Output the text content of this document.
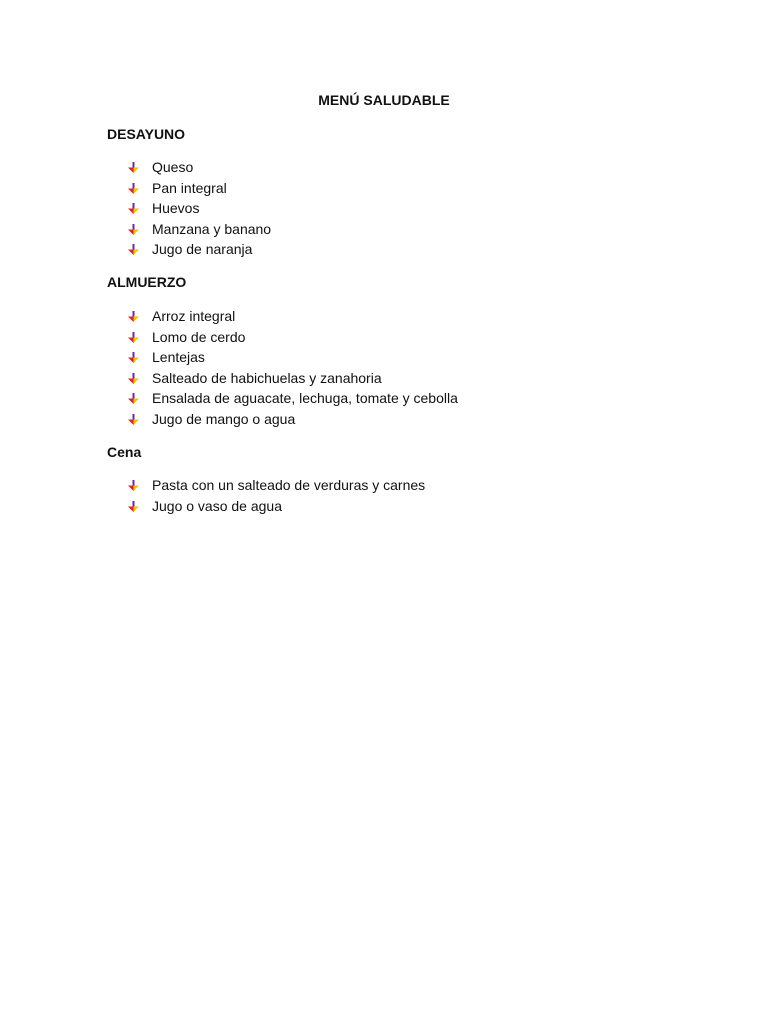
MENÚ SALUDABLE
DESAYUNO
Queso
Pan integral
Huevos
Manzana y banano
Jugo de naranja
ALMUERZO
Arroz integral
Lomo de cerdo
Lentejas
Salteado de habichuelas y zanahoria
Ensalada de aguacate, lechuga, tomate y cebolla
Jugo de mango o agua
Cena
Pasta con un salteado de verduras y carnes
Jugo o vaso de agua
